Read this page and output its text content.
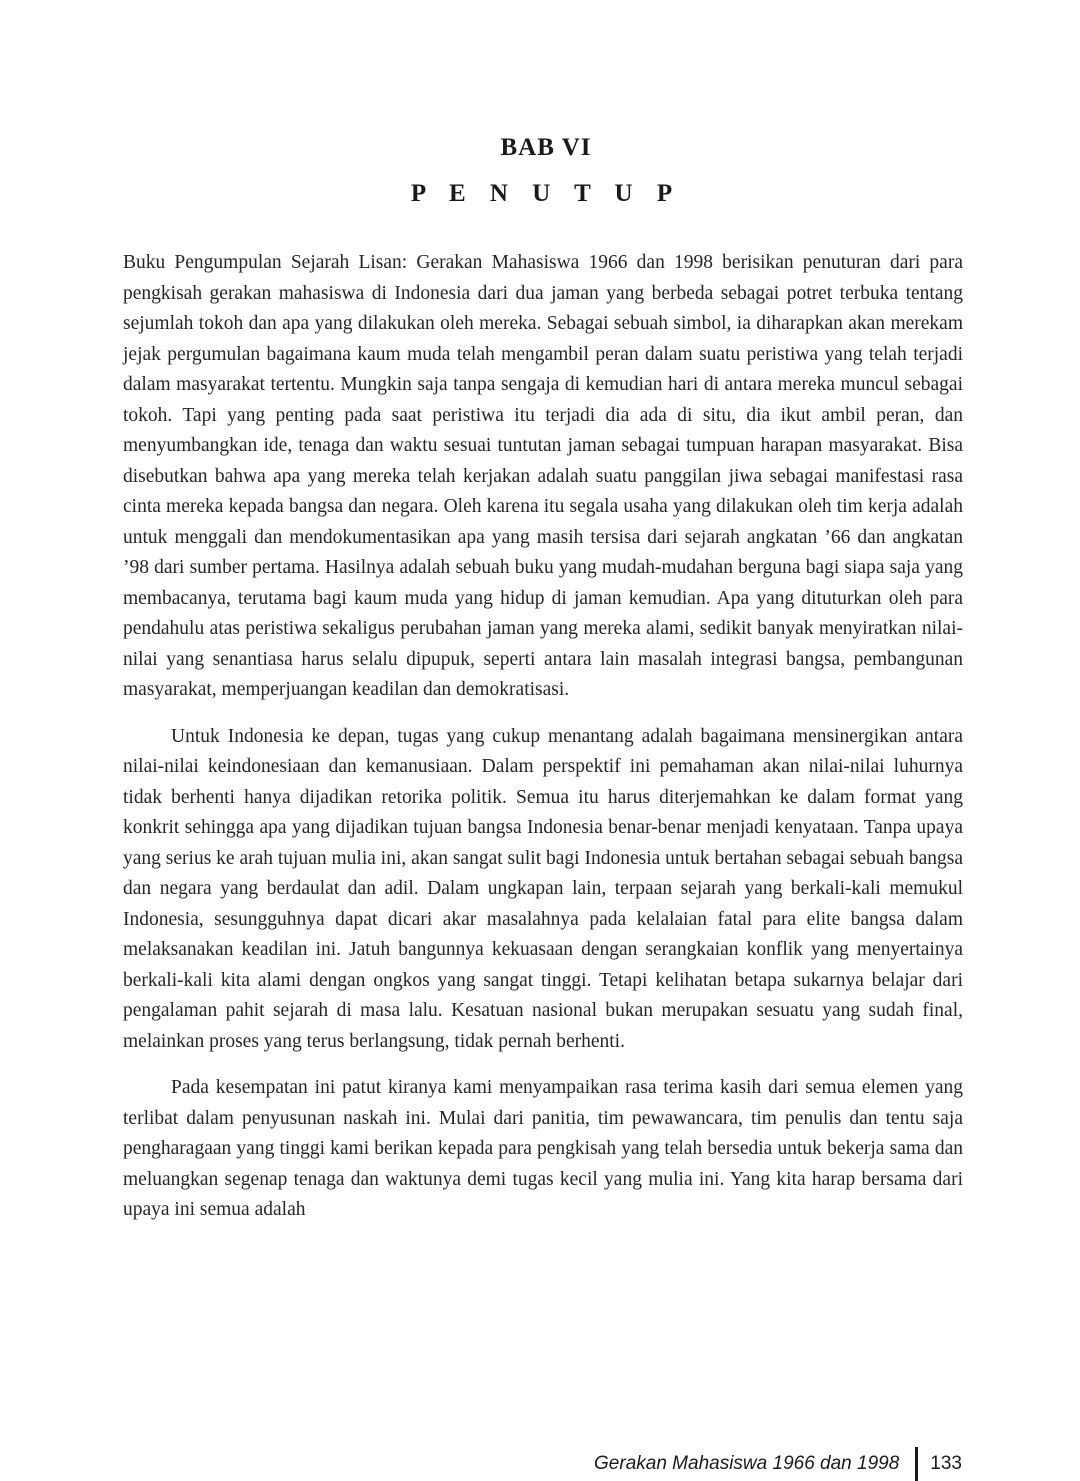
BAB VI
P E N U T U P

Buku Pengumpulan Sejarah Lisan: Gerakan Mahasiswa 1966 dan 1998 berisikan penuturan dari para pengkisah gerakan mahasiswa di Indonesia dari dua jaman yang berbeda sebagai potret terbuka tentang sejumlah tokoh dan apa yang dilakukan oleh mereka. Sebagai sebuah simbol, ia diharapkan akan merekam jejak pergumulan bagaimana kaum muda telah mengambil peran dalam suatu peristiwa yang telah terjadi dalam masyarakat tertentu. Mungkin saja tanpa sengaja di kemudian hari di antara mereka muncul sebagai tokoh. Tapi yang penting pada saat peristiwa itu terjadi dia ada di situ, dia ikut ambil peran, dan menyumbangkan ide, tenaga dan waktu sesuai tuntutan jaman sebagai tumpuan harapan masyarakat. Bisa disebutkan bahwa apa yang mereka telah kerjakan adalah suatu panggilan jiwa sebagai manifestasi rasa cinta mereka kepada bangsa dan negara. Oleh karena itu segala usaha yang dilakukan oleh tim kerja adalah untuk menggali dan mendokumentasikan apa yang masih tersisa dari sejarah angkatan ’66 dan angkatan ’98 dari sumber pertama. Hasilnya adalah sebuah buku yang mudah-mudahan berguna bagi siapa saja yang membacanya, terutama bagi kaum muda yang hidup di jaman kemudian. Apa yang dituturkan oleh para pendahulu atas peristiwa sekaligus perubahan jaman yang mereka alami, sedikit banyak menyiratkan nilai-nilai yang senantiasa harus selalu dipupuk, seperti antara lain masalah integrasi bangsa, pembangunan masyarakat, memperjuangan keadilan dan demokratisasi.

Untuk Indonesia ke depan, tugas yang cukup menantang adalah bagaimana mensinergikan antara nilai-nilai keindonesiaan dan kemanusiaan. Dalam perspektif ini pemahaman akan nilai-nilai luhurnya tidak berhenti hanya dijadikan retorika politik. Semua itu harus diterjemahkan ke dalam format yang konkrit sehingga apa yang dijadikan tujuan bangsa Indonesia benar-benar menjadi kenyataan. Tanpa upaya yang serius ke arah tujuan mulia ini, akan sangat sulit bagi Indonesia untuk bertahan sebagai sebuah bangsa dan negara yang berdaulat dan adil. Dalam ungkapan lain, terpaan sejarah yang berkali-kali memukul Indonesia, sesungguhnya dapat dicari akar masalahnya pada kelalaian fatal para elite bangsa dalam melaksanakan keadilan ini. Jatuh bangunnya kekuasaan dengan serangkaian konflik yang menyertainya berkali-kali kita alami dengan ongkos yang sangat tinggi. Tetapi kelihatan betapa sukarnya belajar dari pengalaman pahit sejarah di masa lalu. Kesatuan nasional bukan merupakan sesuatu yang sudah final, melainkan proses yang terus berlangsung, tidak pernah berhenti.

Pada kesempatan ini patut kiranya kami menyampaikan rasa terima kasih dari semua elemen yang terlibat dalam penyusunan naskah ini. Mulai dari panitia, tim pewawancara, tim penulis dan tentu saja pengharagaan yang tinggi kami berikan kepada para pengkisah yang telah bersedia untuk bekerja sama dan meluangkan segenap tenaga dan waktunya demi tugas kecil yang mulia ini. Yang kita harap bersama dari upaya ini semua adalah

Gerakan Mahasiswa 1966 dan 1998 133
